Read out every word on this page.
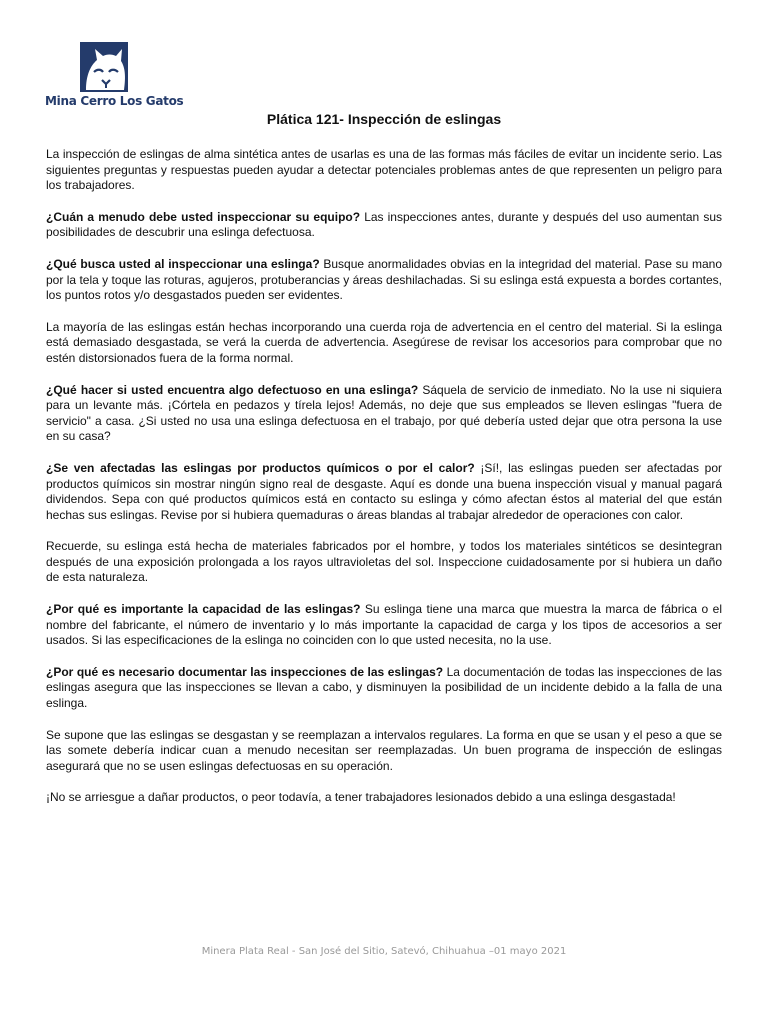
Mina Cerro Los Gatos
Plática 121- Inspección de eslingas

La inspección de eslingas de alma sintética antes de usarlas es una de las formas más fáciles de evitar un incidente serio. Las siguientes preguntas y respuestas pueden ayudar a detectar potenciales problemas antes de que representen un peligro para los trabajadores.

¿Cuán a menudo debe usted inspeccionar su equipo? Las inspecciones antes, durante y después del uso aumentan sus posibilidades de descubrir una eslinga defectuosa.

¿Qué busca usted al inspeccionar una eslinga? Busque anormalidades obvias en la integridad del material. Pase su mano por la tela y toque las roturas, agujeros, protuberancias y áreas deshilachadas. Si su eslinga está expuesta a bordes cortantes, los puntos rotos y/o desgastados pueden ser evidentes.

La mayoría de las eslingas están hechas incorporando una cuerda roja de advertencia en el centro del material. Si la eslinga está demasiado desgastada, se verá la cuerda de advertencia. Asegúrese de revisar los accesorios para comprobar que no estén distorsionados fuera de la forma normal.

¿Qué hacer si usted encuentra algo defectuoso en una eslinga? Sáquela de servicio de inmediato. No la use ni siquiera para un levante más. ¡Córtela en pedazos y tírela lejos! Además, no deje que sus empleados se lleven eslingas "fuera de servicio" a casa. ¿Si usted no usa una eslinga defectuosa en el trabajo, por qué debería usted dejar que otra persona la use en su casa?

¿Se ven afectadas las eslingas por productos químicos o por el calor? ¡Sí!, las eslingas pueden ser afectadas por productos químicos sin mostrar ningún signo real de desgaste. Aquí es donde una buena inspección visual y manual pagará dividendos. Sepa con qué productos químicos está en contacto su eslinga y cómo afectan éstos al material del que están hechas sus eslingas. Revise por si hubiera quemaduras o áreas blandas al trabajar alrededor de operaciones con calor.

Recuerde, su eslinga está hecha de materiales fabricados por el hombre, y todos los materiales sintéticos se desintegran después de una exposición prolongada a los rayos ultravioletas del sol. Inspeccione cuidadosamente por si hubiera un daño de esta naturaleza.

¿Por qué es importante la capacidad de las eslingas? Su eslinga tiene una marca que muestra la marca de fábrica o el nombre del fabricante, el número de inventario y lo más importante la capacidad de carga y los tipos de accesorios a ser usados. Si las especificaciones de la eslinga no coinciden con lo que usted necesita, no la use.

¿Por qué es necesario documentar las inspecciones de las eslingas? La documentación de todas las inspecciones de las eslingas asegura que las inspecciones se llevan a cabo, y disminuyen la posibilidad de un incidente debido a la falla de una eslinga.

Se supone que las eslingas se desgastan y se reemplazan a intervalos regulares. La forma en que se usan y el peso a que se las somete debería indicar cuan a menudo necesitan ser reemplazadas. Un buen programa de inspección de eslingas asegurará que no se usen eslingas defectuosas en su operación.

¡No se arriesgue a dañar productos, o peor todavía, a tener trabajadores lesionados debido a una eslinga desgastada!

Minera Plata Real - San José del Sitio, Satevó, Chihuahua –01 mayo 2021
